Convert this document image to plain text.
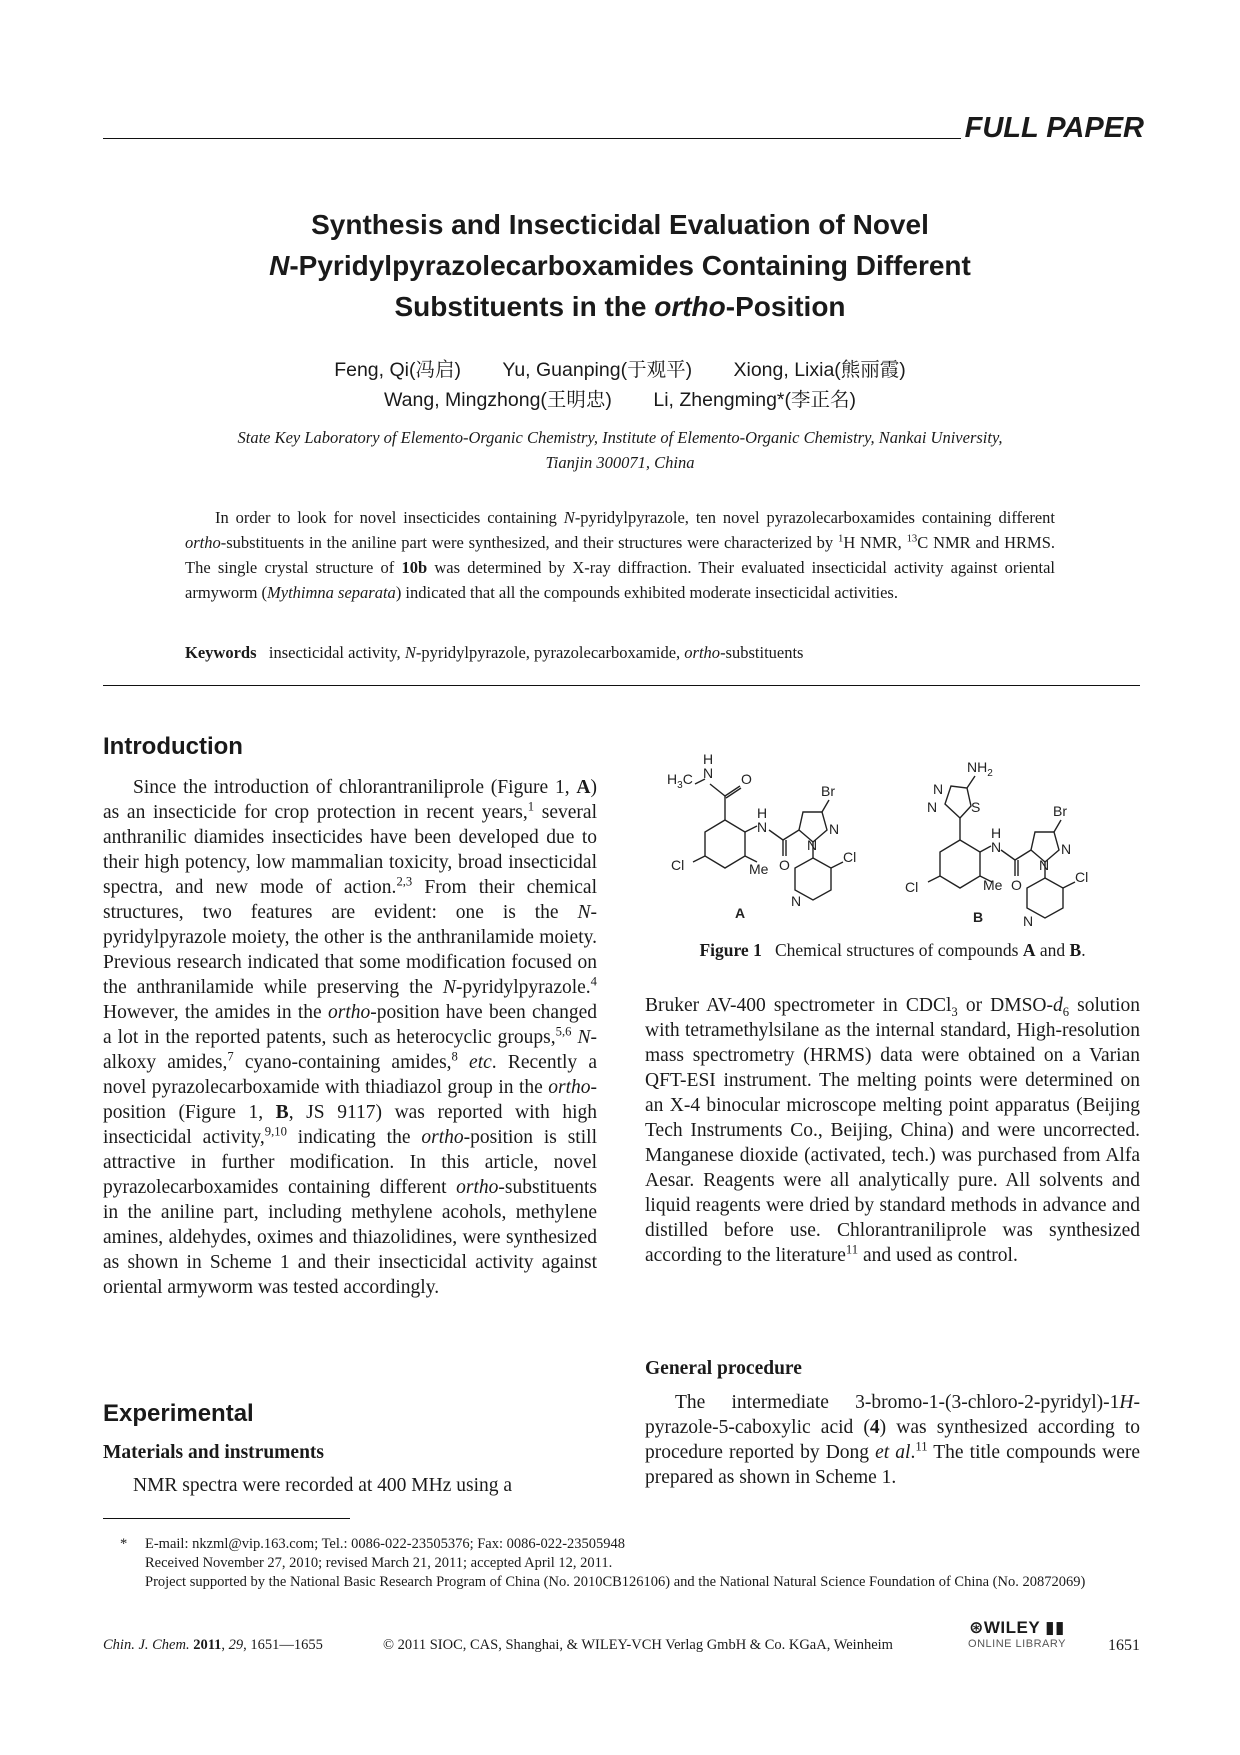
FULL PAPER
Synthesis and Insecticidal Evaluation of Novel
N-Pyridylpyrazolecarboxamides Containing Different
Substituents in the ortho-Position
Feng, Qi(冯启) Yu, Guanping(于观平) Xiong, Lixia(熊丽霞)
Wang, Mingzhong(王明忠) Li, Zhengming*(李正名)
State Key Laboratory of Elemento-Organic Chemistry, Institute of Elemento-Organic Chemistry, Nankai University,
Tianjin 300071, China
In order to look for novel insecticides containing N-pyridylpyrazole, ten novel pyrazolecarboxamides containing different ortho-substituents in the aniline part were synthesized, and their structures were characterized by $^1$H NMR, $^{13}$C NMR and HRMS. The single crystal structure of 10b was determined by X-ray diffraction. Their evaluated insecticidal activity against oriental armyworm (Mythimna separata) indicated that all the compounds exhibited moderate insecticidal activities.
Keywords insecticidal activity, N-pyridylpyrazole, pyrazolecarboxamide, ortho-substituents
Introduction
Since the introduction of chlorantraniliprole (Figure 1, A) as an insecticide for crop protection in recent years,$^1$ several anthranilic diamides insecticides have been developed due to their high potency, low mammalian toxicity, broad insecticidal spectra, and new mode of action.$^{2,3}$ From their chemical structures, two features are evident: one is the N-pyridylpyrazole moiety, the other is the anthranilamide moiety. Previous research indicated that some modification focused on the anthranilamide while preserving the N-pyridylpyrazole.$^4$ However, the amides in the ortho-position have been changed a lot in the reported patents, such as heterocyclic groups,$^{5,6}$ N-alkoxy amides,$^7$ cyano-containing amides,$^8$ etc. Recently a novel pyrazolecarboxamide with thiadiazol group in the ortho-position (Figure 1, B, JS 9117) was reported with high insecticidal activity,$^{9,10}$ indicating the ortho-position is still attractive in further modification. In this article, novel pyrazolecarboxamides containing different ortho-substituents in the aniline part, including methylene acohols, methylene amines, aldehydes, oximes and thiazolidines, were synthesized as shown in Scheme 1 and their insecticidal activity against oriental armyworm was tested accordingly.
Experimental
Materials and instruments
NMR spectra were recorded at 400 MHz using a
$H_3C$ N
H
O
N
H
O
Br
N
N
Cl
N
Cl	Me
A
$NH_2$
N
N S
N
H
O
Br
N
N
Cl
N
Cl	Me
B
Figure 1 Chemical structures of compounds A and B.
Bruker AV-400 spectrometer in CDCl$_3$ or DMSO-$d_6$ solution with tetramethylsilane as the internal standard, High-resolution mass spectrometry (HRMS) data were obtained on a Varian QFT-ESI instrument. The melting points were determined on an X-4 binocular microscope melting point apparatus (Beijing Tech Instruments Co., Beijing, China) and were uncorrected. Manganese dioxide (activated, tech.) was purchased from Alfa Aesar. Reagents were all analytically pure. All solvents and liquid reagents were dried by standard methods in advance and distilled before use. Chlorantraniliprole was synthesized according to the literature$^{11}$ and used as control.
General procedure
The intermediate 3-bromo-1-(3-chloro-2-pyridyl)-1H-pyrazole-5-caboxylic acid (4) was synthesized according to procedure reported by Dong et al.$^{11}$ The title compounds were prepared as shown in Scheme 1.
* E-mail: nkzml@vip.163.com; Tel.: 0086-022-23505376; Fax: 0086-022-23505948
Received November 27, 2010; revised March 21, 2011; accepted April 12, 2011.
Project supported by the National Basic Research Program of China (No. 2010CB126106) and the National Natural Science Foundation of China (No. 20872069)
Chin. J. Chem. 2011, 29, 1651—1655	© 2011 SIOC, CAS, Shanghai, & WILEY-VCH Verlag GmbH & Co. KGaA, Weinheim
⊛WILEY ▮▮
ONLINE LIBRARY	1651
